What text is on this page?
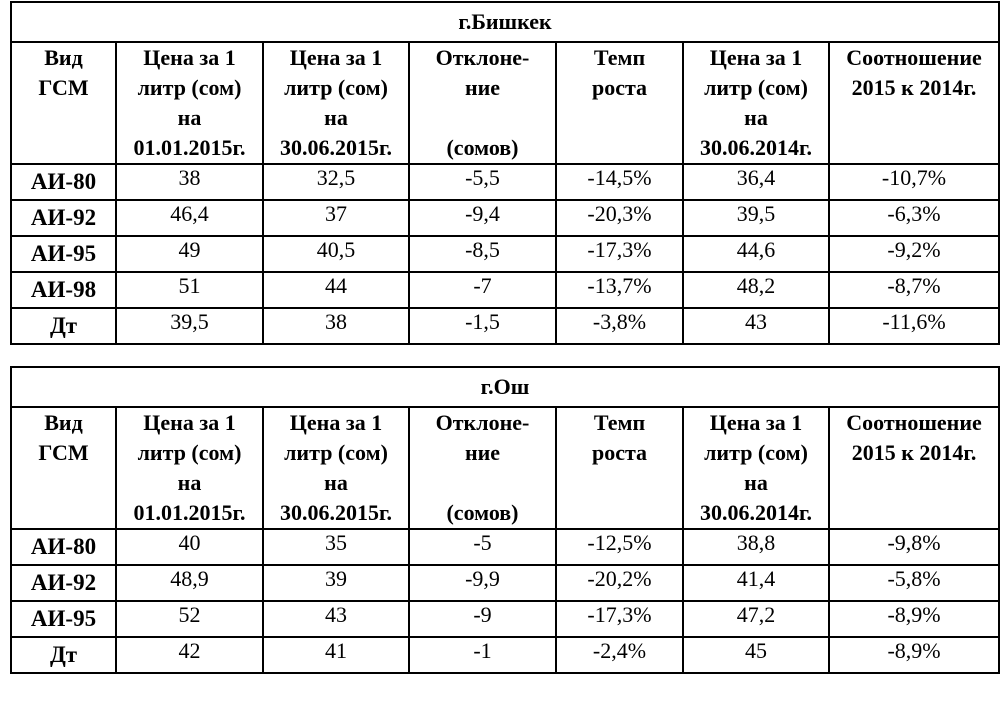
г.Бишкек						

Вид
ГСМ	Цена за 1
литр (сом)
на
01.01.2015г.	Цена за 1
литр (сом)
на
30.06.2015г.	Отклоне-
ние
(сомов)	Темп
роста	Цена за 1
литр (сом)
на
30.06.2014г.	Соотношение
2015 к 2014г.

АИ-80	38	32,5	-5,5	-14,5%	36,4	-10,7%
АИ-92	46,4	37	-9,4	-20,3%	39,5	-6,3%
АИ-95	49	40,5	-8,5	-17,3%	44,6	-9,2%
АИ-98	51	44	-7	-13,7%	48,2	-8,7%
Дт	39,5	38	-1,5	-3,8%	43	-11,6%
г.Ош						

Вид
ГСМ	Цена за 1
литр (сом)
на
01.01.2015г.	Цена за 1
литр (сом)
на
30.06.2015г.	Отклоне-
ние
(сомов)	Темп
роста	Цена за 1
литр (сом)
на
30.06.2014г.	Соотношение
2015 к 2014г.

АИ-80	40	35	-5	-12,5%	38,8	-9,8%
АИ-92	48,9	39	-9,9	-20,2%	41,4	-5,8%
АИ-95	52	43	-9	-17,3%	47,2	-8,9%
Дт	42	41	-1	-2,4%	45	-8,9%
